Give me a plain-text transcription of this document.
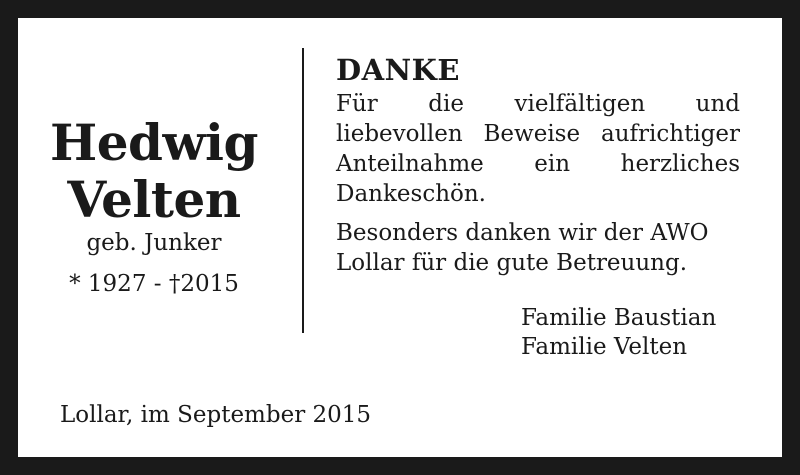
Hedwig
Velten
geb. Junker
* 1927 - †2015
DANKE

Für die vielfältigen und liebevollen Beweise aufrichtiger Anteilnahme ein herzliches Dankeschön.

Besonders danken wir der AWO Lollar für die gute Betreuung.

Familie Baustian
Familie Velten
Lollar, im September 2015
